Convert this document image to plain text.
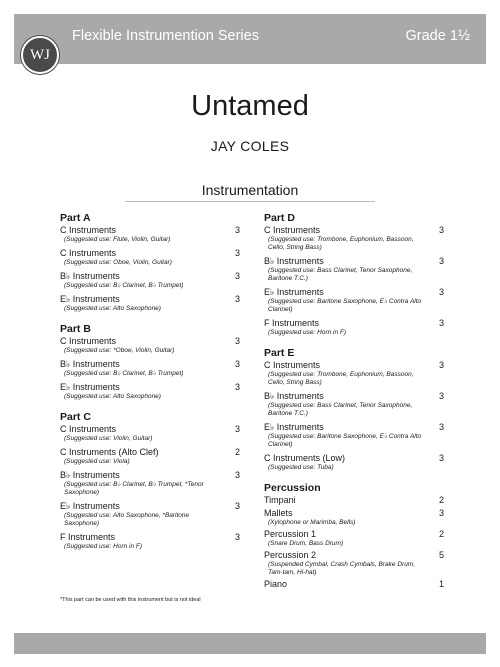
WJ
Flexible Instrumention Series	Grade 1½
Untamed
JAY COLES
Instrumentation
Part A
C Instruments	3
(Suggested use: Flute, Violin, Guitar)
C Instruments	3
(Suggested use: Oboe, Violin, Guitar)
B♭ Instruments	3
(Suggested use: B♭ Clarinet, B♭ Trumpet)
E♭ Instruments	3
(Suggested use: Alto Saxophone)
Part B
C Instruments	3
(Suggested use: *Oboe, Violin, Guitar)
B♭ Instruments	3
(Suggested use: B♭ Clarinet, B♭ Trumpet)
E♭ Instruments	3
(Suggested use: Alto Saxophone)
Part C
C Instruments	3
(Suggested use: Violin, Guitar)
C Instruments (Alto Clef)	2
(Suggested use: Viola)
B♭ Instruments	3
(Suggested use: B♭ Clarinet, B♭ Trumpet, *Tenor Saxophone)
E♭ Instruments	3
(Suggested use: Alto Saxophone, *Baritone Saxophone)
F Instruments	3
(Suggested use: Horn in F)
Part D
C Instruments	3
(Suggested use: Trombone, Euphonium, Bassoon, Cello, String Bass)
B♭ Instruments	3
(Suggested use: Bass Clarinet, Tenor Saxophone, Baritone T.C.)
E♭ Instruments	3
(Suggested use: Baritone Saxophone, E♭ Contra Alto Clarinet)
F Instruments	3
(Suggested use: Horn in F)
Part E
C Instruments	3
(Suggested use: Trombone, Euphonium, Bassoon, Cello, String Bass)
B♭ Instruments	3
(Suggested use: Bass Clarinet, Tenor Saxophone, Baritone T.C.)
E♭ Instruments	3
(Suggested use: Baritone Saxophone, E♭ Contra Alto Clarinet)
C Instruments (Low)	3
(Suggested use: Tuba)
Percussion
Timpani	2
Mallets	3
(Xylophone or Marimba, Bells)
Percussion 1	2
(Snare Drum, Bass Drum)
Percussion 2	5
(Suspended Cymbal, Crash Cymbals, Brake Drum, Tam-tam, Hi-hat)
Piano	1
*This part can be used with this instrument but is not ideal
